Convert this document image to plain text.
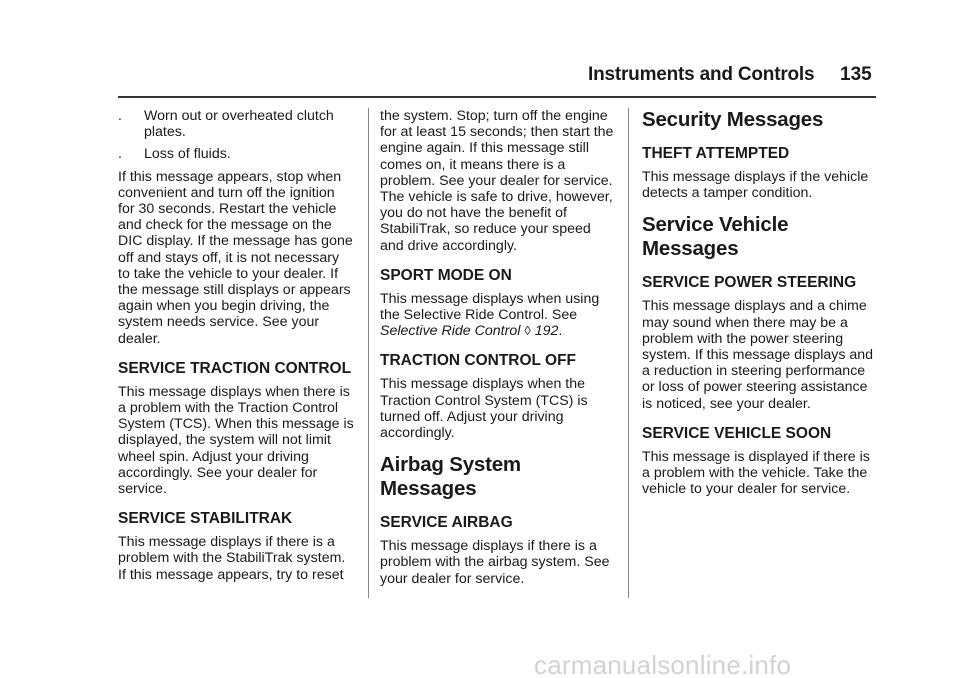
Instruments and Controls 135
.	Worn out or overheated clutch plates.
.	Loss of fluids.

If this message appears, stop when convenient and turn off the ignition for 30 seconds. Restart the vehicle and check for the message on the DIC display. If the message has gone off and stays off, it is not necessary to take the vehicle to your dealer. If the message still displays or appears again when you begin driving, the system needs service. See your dealer.

SERVICE TRACTION CONTROL

This message displays when there is a problem with the Traction Control System (TCS). When this message is displayed, the system will not limit wheel spin. Adjust your driving accordingly. See your dealer for service.

SERVICE STABILITRAK

This message displays if there is a problem with the StabiliTrak system. If this message appears, try to reset

the system. Stop; turn off the engine for at least 15 seconds; then start the engine again. If this message still comes on, it means there is a problem. See your dealer for service. The vehicle is safe to drive, however, you do not have the benefit of StabiliTrak, so reduce your speed and drive accordingly.

SPORT MODE ON

This message displays when using the Selective Ride Control. See Selective Ride Control ◊ 192.

TRACTION CONTROL OFF

This message displays when the Traction Control System (TCS) is turned off. Adjust your driving accordingly.

Airbag System Messages
SERVICE AIRBAG

This message displays if there is a problem with the airbag system. See your dealer for service.

Security Messages
THEFT ATTEMPTED

This message displays if the vehicle detects a tamper condition.

Service Vehicle Messages
SERVICE POWER STEERING

This message displays and a chime may sound when there may be a problem with the power steering system. If this message displays and a reduction in steering performance or loss of power steering assistance is noticed, see your dealer.

SERVICE VEHICLE SOON

This message is displayed if there is a problem with the vehicle. Take the vehicle to your dealer for service.

carmanualsonline.info
